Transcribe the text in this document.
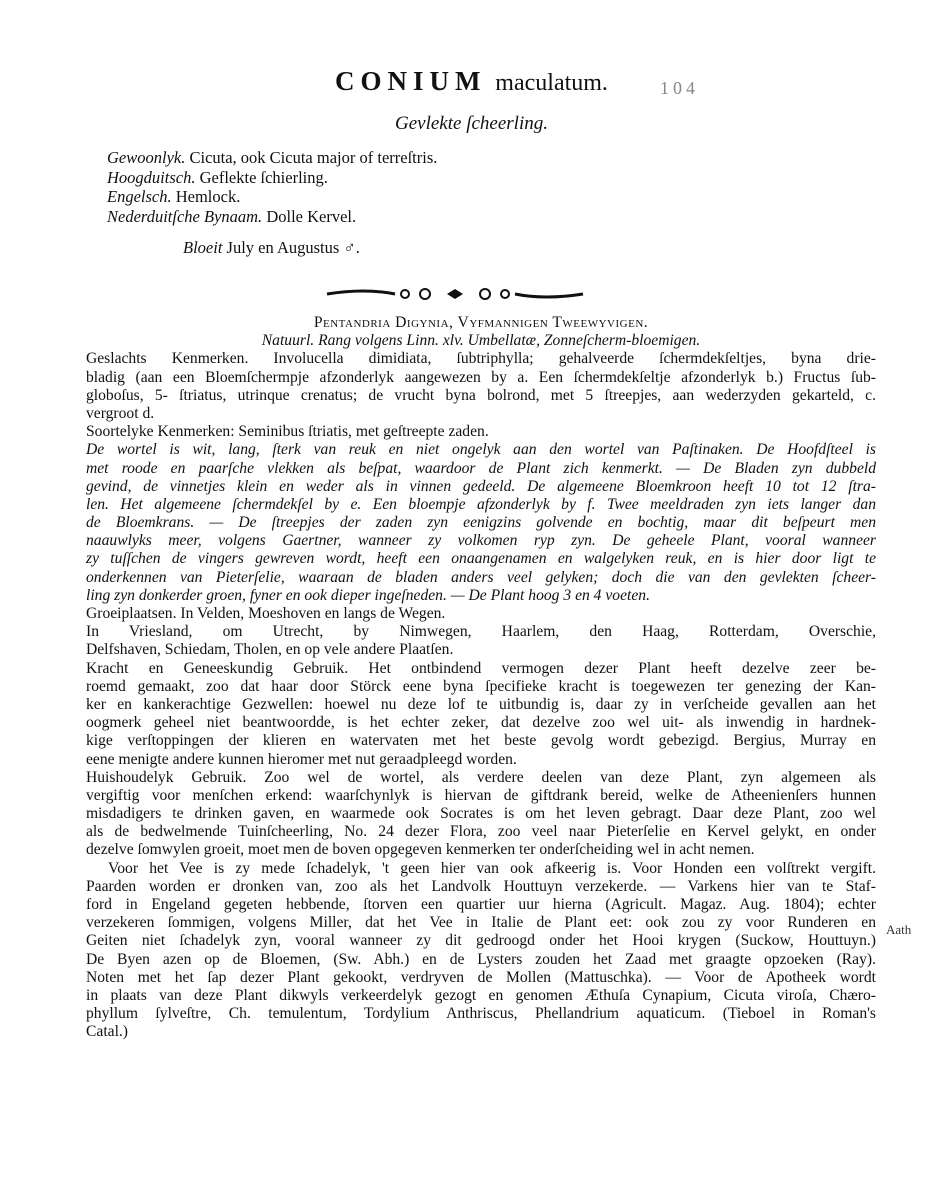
CONIUM maculatum.	104
Gevlekte ſcheerling.
Gewoonlyk. Cicuta, ook Cicuta major of terreſtris.
Hoogduitsch. Geflekte ſchierling.
Engelsch. Hemlock.
Nederduitſche Bynaam. Dolle Kervel.
Bloeit July en Augustus ♂.
Pentandria Digynia, Vyfmannigen Tweewyvigen.
Natuurl. Rang volgens Linn. xlv. Umbellatæ, Zonneſcherm-bloemigen.
Geslachts Kenmerken. Involucella dimidiata, ſubtriphylla; gehalveerde ſchermdekſeltjes, byna drie-
bladig (aan een Bloemſchermpje afzonderlyk aangewezen by a. Een ſchermdekſeltje afzonderlyk b.) Fructus ſub-
globoſus, 5- ſtriatus, utrinque crenatus; de vrucht byna bolrond, met 5 ſtreepjes, aan wederzyden gekarteld, c.
vergroot d.
Soortelyke Kenmerken: Seminibus ſtriatis, met geſtreepte zaden.
De wortel is wit, lang, ſterk van reuk en niet ongelyk aan den wortel van Paſtinaken. De Hoofdſteel is
met roode en paarſche vlekken als beſpat, waardoor de Plant zich kenmerkt. — De Bladen zyn dubbeld
gevind, de vinnetjes klein en weder als in vinnen gedeeld. De algemeene Bloemkroon heeft 10 tot 12 ſtra-
len. Het algemeene ſchermdekſel by e. Een bloempje afzonderlyk by f. Twee meeldraden zyn iets langer dan
de Bloemkrans. — De ſtreepjes der zaden zyn eenigzins golvende en bochtig, maar dit beſpeurt men
naauwlyks meer, volgens Gaertner, wanneer zy volkomen ryp zyn. De geheele Plant, vooral wanneer
zy tuſſchen de vingers gewreven wordt, heeft een onaangenamen en walgelyken reuk, en is hier door ligt te
onderkennen van Pieterſelie, waaraan de bladen anders veel gelyken; doch die van den gevlekten ſcheer-
ling zyn donkerder groen, fyner en ook dieper ingeſneden. — De Plant hoog 3 en 4 voeten.
Groeiplaatsen. In Velden, Moeshoven en langs de Wegen.
In Vriesland, om Utrecht, by Nimwegen, Haarlem, den Haag, Rotterdam, Overschie,
Delfshaven, Schiedam, Tholen, en op vele andere Plaatſen.
Kracht en Geneeskundig Gebruik. Het ontbindend vermogen dezer Plant heeft dezelve zeer be-
roemd gemaakt, zoo dat haar door Störck eene byna ſpecifieke kracht is toegewezen ter genezing der Kan-
ker en kankerachtige Gezwellen: hoewel nu deze lof te uitbundig is, daar zy in verſcheide gevallen aan het
oogmerk geheel niet beantwoordde, is het echter zeker, dat dezelve zoo wel uit- als inwendig in hardnek-
kige verſtoppingen der klieren en watervaten met het beste gevolg wordt gebezigd. Bergius, Murray en
eene menigte andere kunnen hieromer met nut geraadpleegd worden.
Huishoudelyk Gebruik. Zoo wel de wortel, als verdere deelen van deze Plant, zyn algemeen als
vergiftig voor menſchen erkend: waarſchynlyk is hiervan de giftdrank bereid, welke de Atheenienſers hunnen
misdadigers te drinken gaven, en waarmede ook Socrates is om het leven gebragt. Daar deze Plant, zoo wel
als de bedwelmende Tuinſcheerling, No. 24 dezer Flora, zoo veel naar Pieterſelie en Kervel gelykt, en onder
dezelve ſomwylen groeit, moet men de boven opgegeven kenmerken ter onderſcheiding wel in acht nemen.
Voor het Vee is zy mede ſchadelyk, 't geen hier van ook afkeerig is. Voor Honden een volſtrekt vergift.
Paarden worden er dronken van, zoo als het Landvolk Houttuyn verzekerde. — Varkens hier van te Staf-
ford in Engeland gegeten hebbende, ſtorven een quartier uur hierna (Agricult. Magaz. Aug. 1804); echter
verzekeren ſommigen, volgens Miller, dat het Vee in Italie de Plant eet: ook zou zy voor Runderen en
Geiten niet ſchadelyk zyn, vooral wanneer zy dit gedroogd onder het Hooi krygen (Suckow, Houttuyn.)
De Byen azen op de Bloemen, (Sw. Abh.) en de Lysters zouden het Zaad met graagte opzoeken (Ray).
Noten met het ſap dezer Plant gekookt, verdryven de Mollen (Mattuschka). — Voor de Apotheek wordt
in plaats van deze Plant dikwyls verkeerdelyk gezogt en genomen Æthuſa Cynapium, Cicuta viroſa, Chæro-
phyllum ſylveſtre, Ch. temulentum, Tordylium Anthriscus, Phellandrium aquaticum. (Tieboel in Roman's
Catal.)
Aath
